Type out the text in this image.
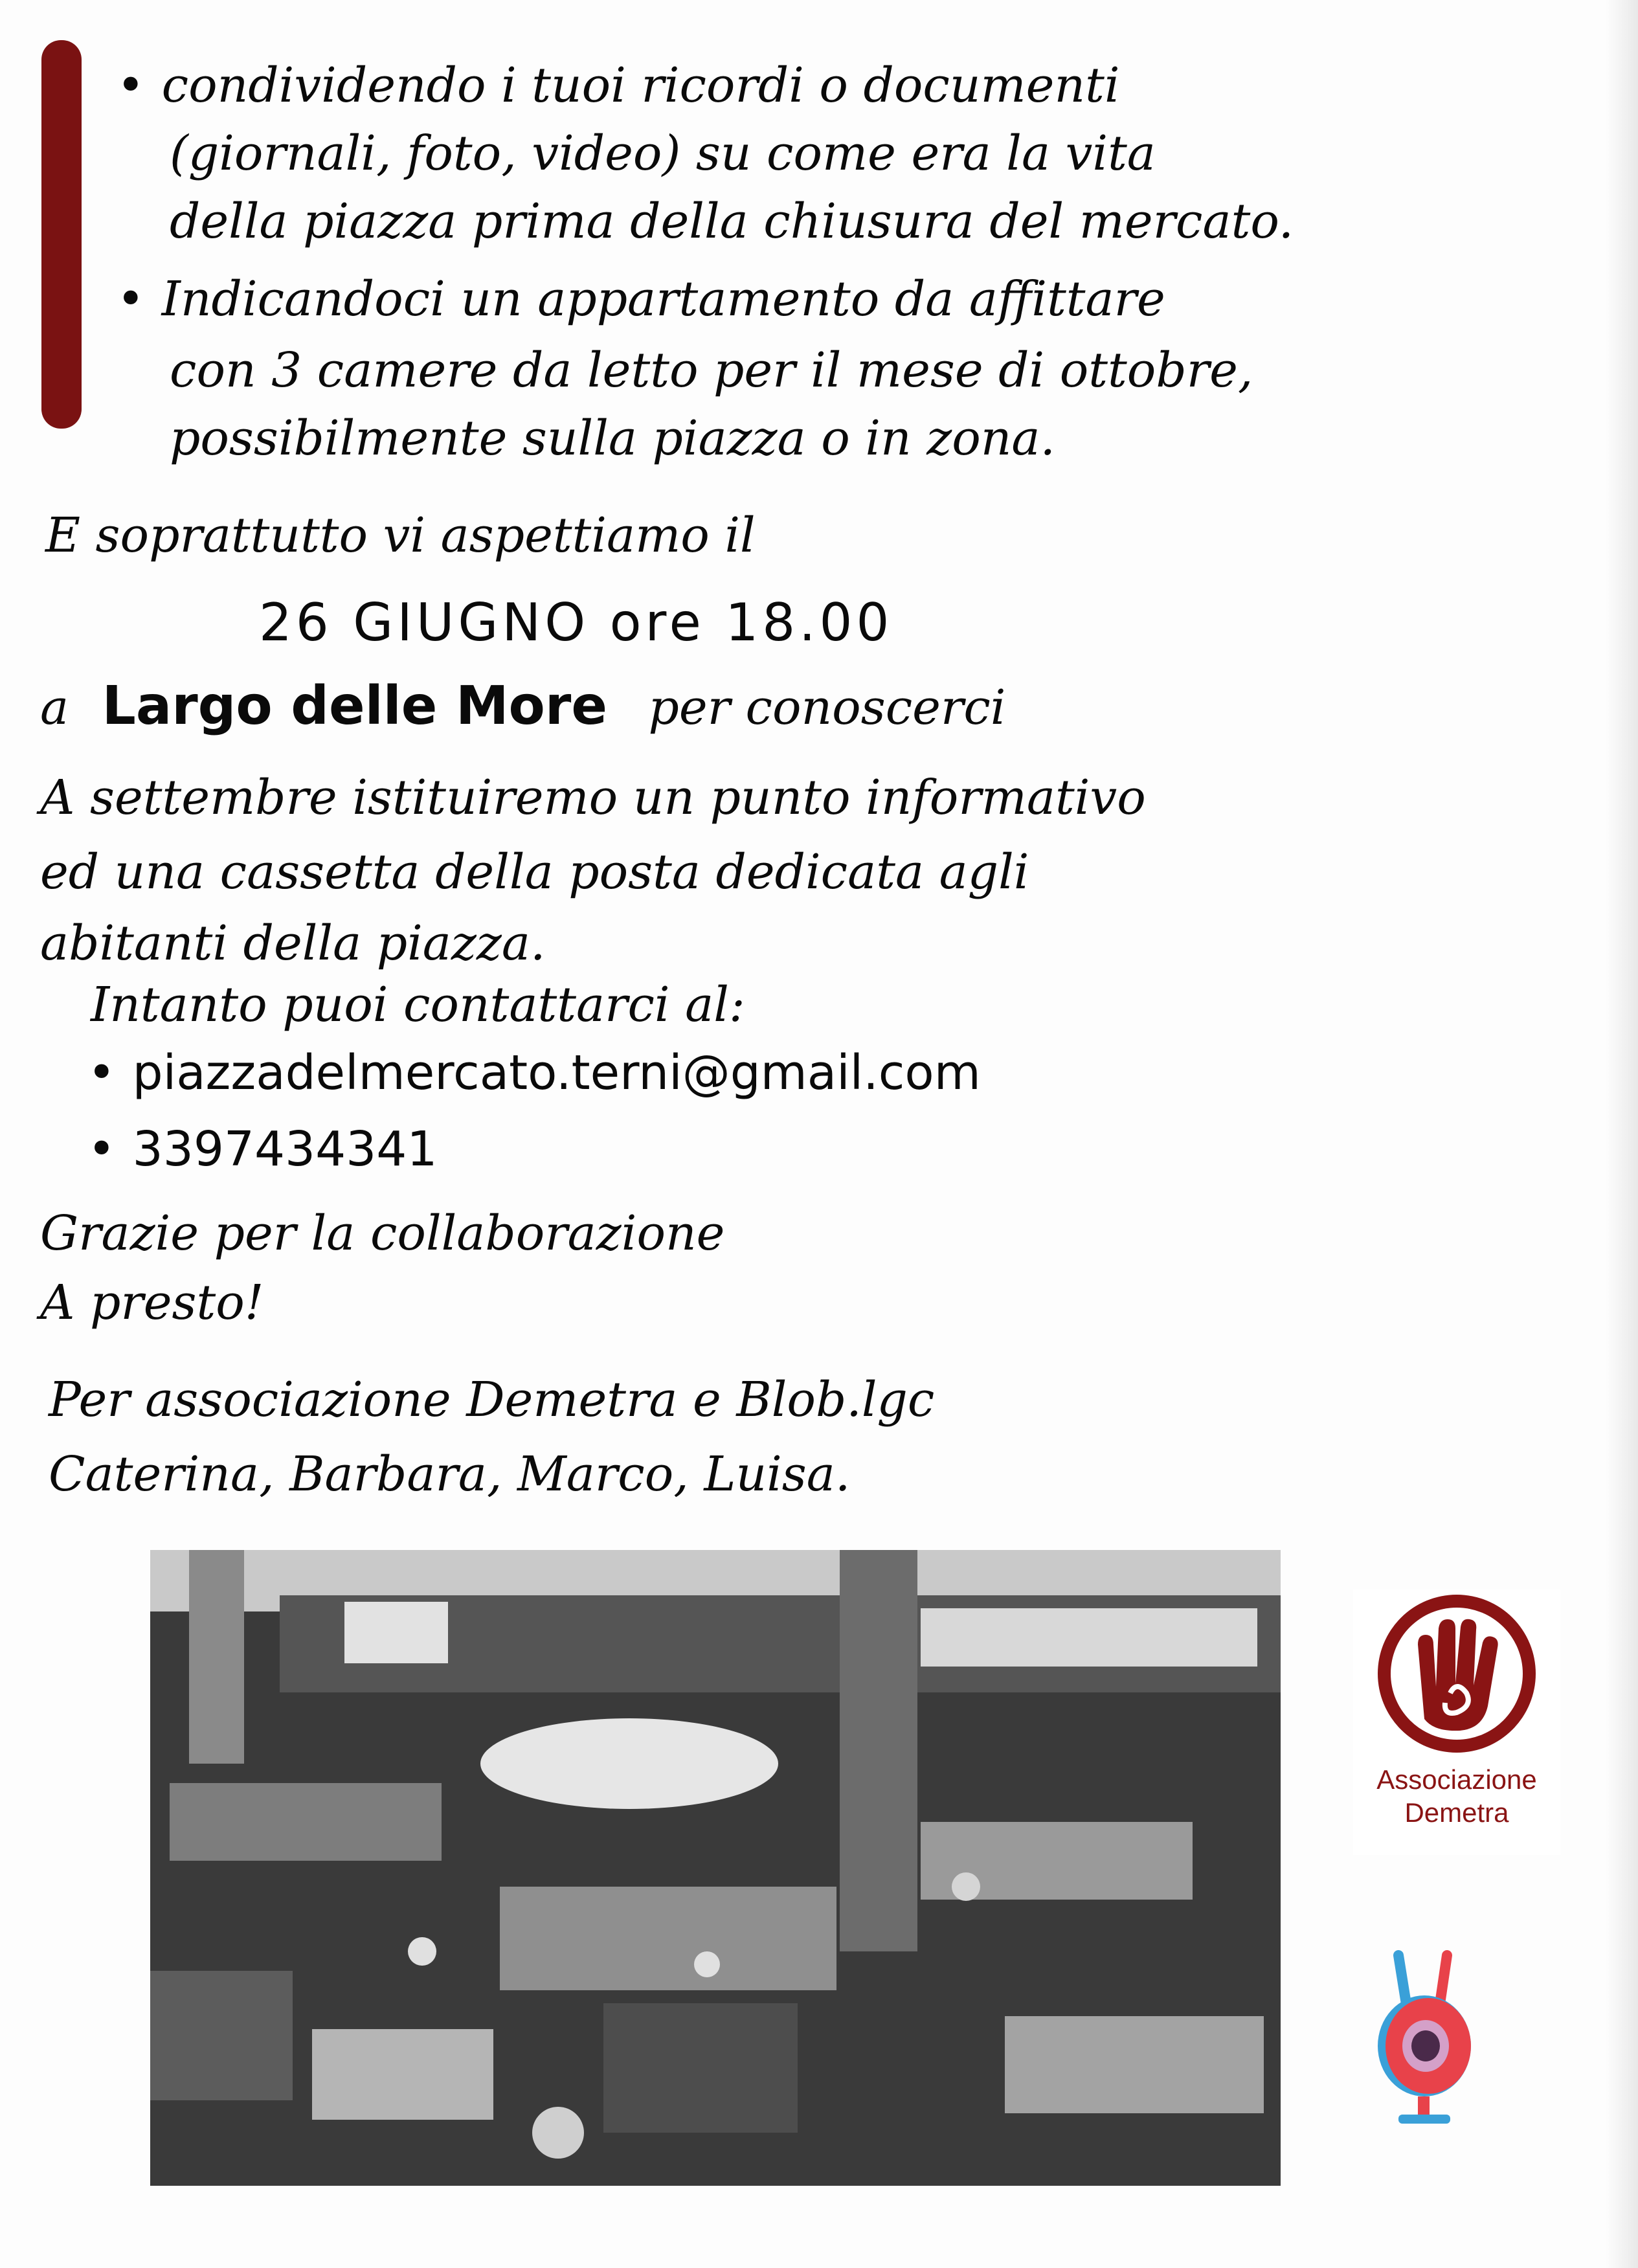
• condividendo i tuoi ricordi o documenti

(giornali, foto, video) su come era la vita

della piazza prima della chiusura del mercato.

• Indicandoci un appartamento da affittare

con 3 camere da letto per il mese di ottobre,

possibilmente sulla piazza o in zona.

E soprattutto vi aspettiamo il

26 GIUGNO ore 18.00

a Largo delle More per conoscerci

A settembre istituiremo un punto informativo

ed una cassetta della posta dedicata agli

abitanti della piazza.

Intanto puoi contattarci al:

• piazzadelmercato.terni@gmail.com

• 3397434341

Grazie per la collaborazione

A presto!

Per associazione Demetra e Blob.lgc

Caterina, Barbara, Marco, Luisa.

Associazione
Demetra
